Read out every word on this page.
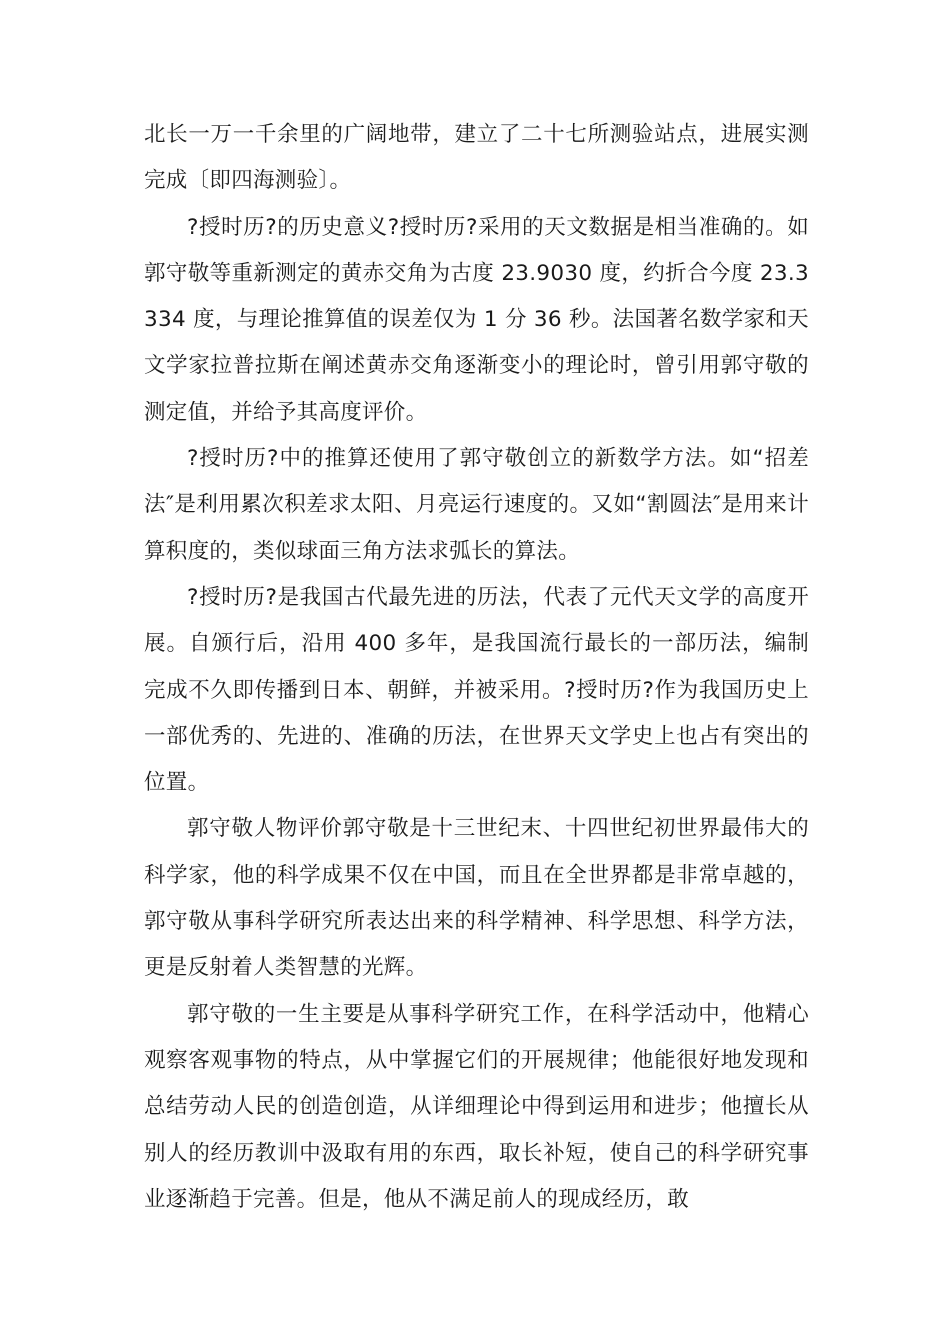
北长一万一千余里的广阔地带，建立了二十七所测验站点，进展实测完成〔即四海测验〕。

?授时历?的历史意义?授时历?采用的天文数据是相当准确的。如郭守敬等重新测定的黄赤交角为古度 23.9030 度，约折合今度 23.3334 度，与理论推算值的误差仅为 1 分 36 秒。法国著名数学家和天文学家拉普拉斯在阐述黄赤交角逐渐变小的理论时，曾引用郭守敬的测定值，并给予其高度评价。

?授时历?中的推算还使用了郭守敬创立的新数学方法。如“招差法″是利用累次积差求太阳、月亮运行速度的。又如“割圆法″是用来计算积度的，类似球面三角方法求弧长的算法。

?授时历?是我国古代最先进的历法，代表了元代天文学的高度开展。自颁行后，沿用 400 多年，是我国流行最长的一部历法，编制完成不久即传播到日本、朝鲜，并被采用。?授时历?作为我国历史上一部优秀的、先进的、准确的历法，在世界天文学史上也占有突出的位置。

郭守敬人物评价郭守敬是十三世纪末、十四世纪初世界最伟大的科学家，他的科学成果不仅在中国，而且在全世界都是非常卓越的，郭守敬从事科学研究所表达出来的科学精神、科学思想、科学方法，更是反射着人类智慧的光辉。

郭守敬的一生主要是从事科学研究工作，在科学活动中，他精心观察客观事物的特点，从中掌握它们的开展规律；他能很好地发现和总结劳动人民的创造创造，从详细理论中得到运用和进步；他擅长从别人的经历教训中汲取有用的东西，取长补短，使自己的科学研究事业逐渐趋于完善。但是，他从不满足前人的现成经历，敢
